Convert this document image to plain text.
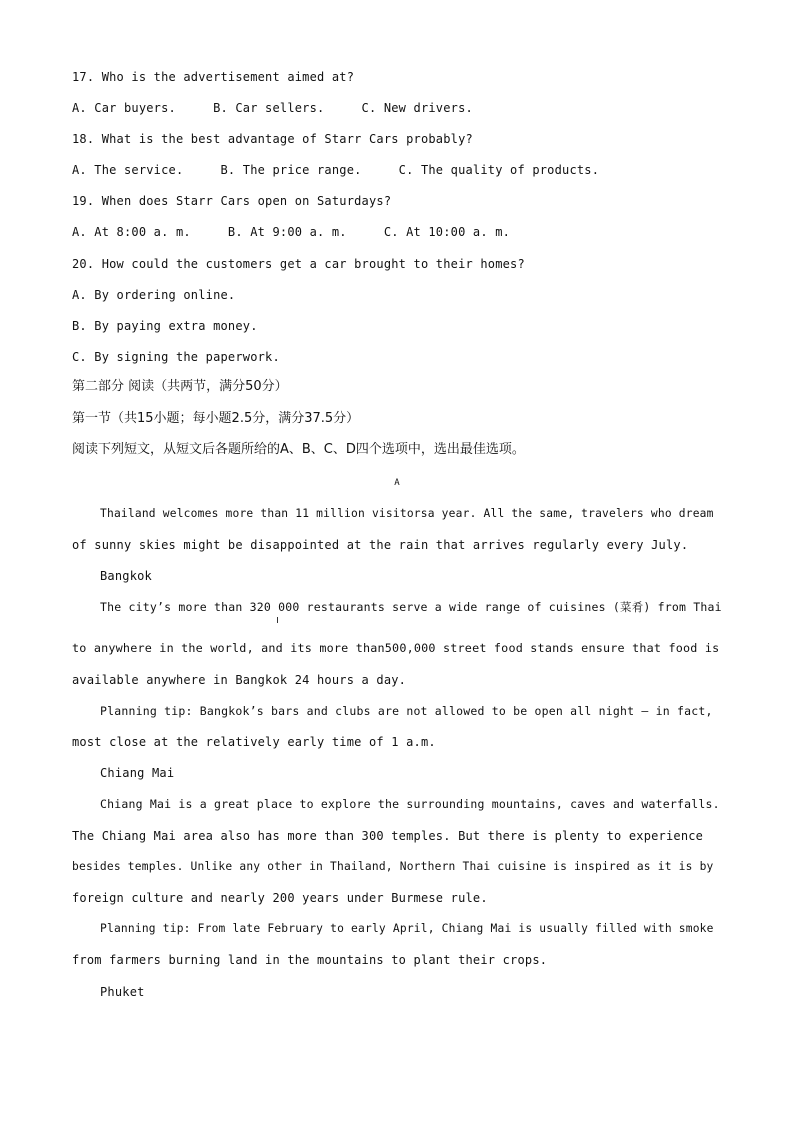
17. Who is the advertisement aimed at?
A. Car buyers.     B. Car sellers.     C. New drivers.
18. What is the best advantage of Starr Cars probably?
A. The service.     B. The price range.     C. The quality of products.
19. When does Starr Cars open on Saturdays?
A. At 8:00 a. m.     B. At 9:00 a. m.     C. At 10:00 a. m.
20. How could the customers get a car brought to their homes?
A. By ordering online.
B. By paying extra money.
C. By signing the paperwork.
第二部分 阅读（共两节，满分50分）
第一节（共15小题；每小题2.5分，满分37.5分）
阅读下列短文，从短文后各题所给的A、B、C、D四个选项中，选出最佳选项。
A
Thailand welcomes more than 11 million visitorsa year. All the same, travelers who dream
of sunny skies might be disappointed at the rain that arrives regularly every July.
Bangkok
The city’s more than 320 000 restaurants serve a wide range of cuisines (菜肴) from Thai
to anywhere in the world, and its more than500,000 street food stands ensure that food is
available anywhere in Bangkok 24 hours a day.
Planning tip: Bangkok’s bars and clubs are not allowed to be open all night — in fact,
most close at the relatively early time of 1 a.m.
Chiang Mai
Chiang Mai is a great place to explore the surrounding mountains, caves and waterfalls.
The Chiang Mai area also has more than 300 temples. But there is plenty to experience
besides temples. Unlike any other in Thailand, Northern Thai cuisine is inspired as it is by
foreign culture and nearly 200 years under Burmese rule.
Planning tip: From late February to early April, Chiang Mai is usually filled with smoke
from farmers burning land in the mountains to plant their crops.
Phuket
